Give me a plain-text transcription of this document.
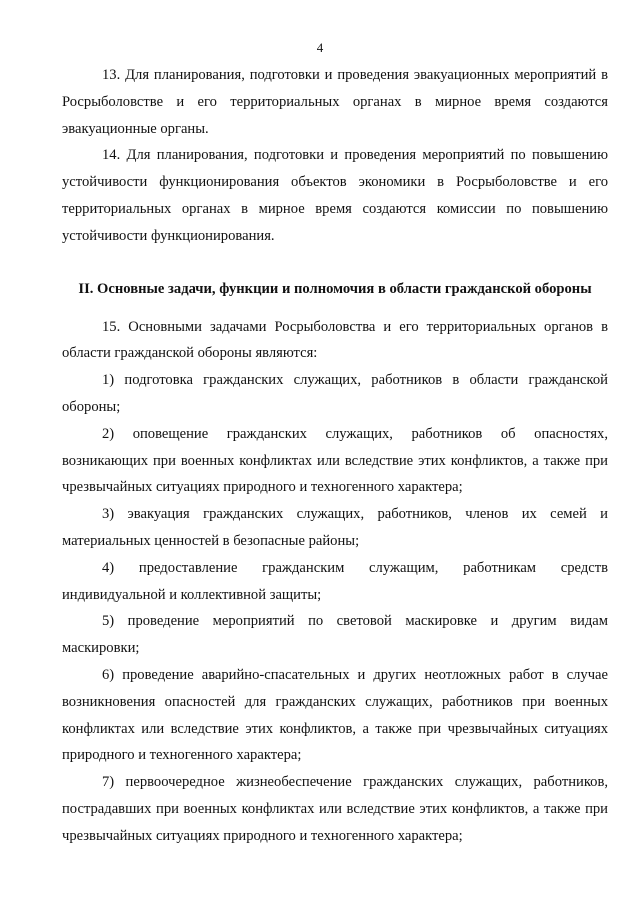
4

13. Для планирования, подготовки и проведения эвакуационных мероприятий в Росрыболовстве и его территориальных органах в мирное время создаются эвакуационные органы.

14. Для планирования, подготовки и проведения мероприятий по повышению устойчивости функционирования объектов экономики в Росрыболовстве и его территориальных органах в мирное время создаются комиссии по повышению устойчивости функционирования.

II. Основные задачи, функции и полномочия в области гражданской обороны

15. Основными задачами Росрыболовства и его территориальных органов в области гражданской обороны являются:

1) подготовка гражданских служащих, работников в области гражданской обороны;

2) оповещение гражданских служащих, работников об опасностях, возникающих при военных конфликтах или вследствие этих конфликтов, а также при чрезвычайных ситуациях природного и техногенного характера;

3) эвакуация гражданских служащих, работников, членов их семей и материальных ценностей в безопасные районы;

4) предоставление гражданским служащим, работникам средств индивидуальной и коллективной защиты;

5) проведение мероприятий по световой маскировке и другим видам маскировки;

6) проведение аварийно-спасательных и других неотложных работ в случае возникновения опасностей для гражданских служащих, работников при военных конфликтах или вследствие этих конфликтов, а также при чрезвычайных ситуациях природного и техногенного характера;

7) первоочередное жизнеобеспечение гражданских служащих, работников, пострадавших при военных конфликтах или вследствие этих конфликтов, а также при чрезвычайных ситуациях природного и техногенного характера;
